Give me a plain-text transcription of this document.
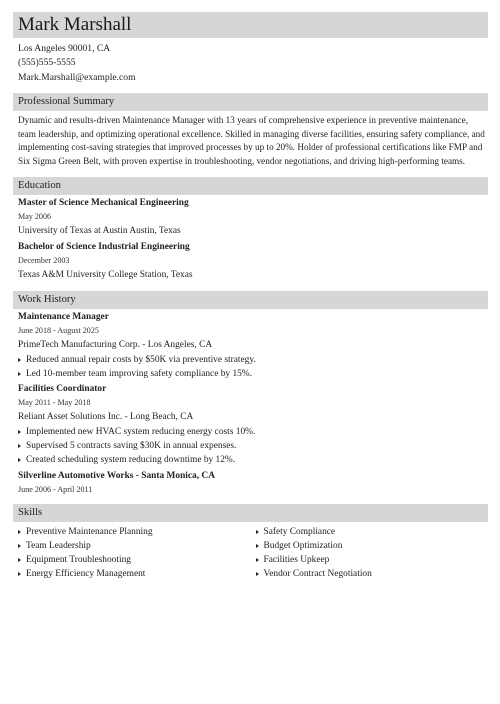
Mark Marshall
Los Angeles 90001, CA
(555)555-5555
Mark.Marshall@example.com
Professional Summary
Dynamic and results-driven Maintenance Manager with 13 years of comprehensive experience in preventive maintenance, team leadership, and optimizing operational excellence. Skilled in managing diverse facilities, ensuring safety compliance, and implementing cost-saving strategies that improved processes by up to 20%. Holder of professional certifications like FMP and Six Sigma Green Belt, with proven expertise in troubleshooting, vendor negotiations, and driving high-performing teams.
Education
Master of Science Mechanical Engineering
May 2006
University of Texas at Austin Austin, Texas
Bachelor of Science Industrial Engineering
December 2003
Texas A&M University College Station, Texas
Work History
Maintenance Manager
June 2018 - August 2025
PrimeTech Manufacturing Corp. - Los Angeles, CA
Reduced annual repair costs by $50K via preventive strategy.
Led 10-member team improving safety compliance by 15%.
Facilities Coordinator
May 2011 - May 2018
Reliant Asset Solutions Inc. - Long Beach, CA
Implemented new HVAC system reducing energy costs 10%.
Supervised 5 contracts saving $30K in annual expenses.
Created scheduling system reducing downtime by 12%.
Silverline Automotive Works - Santa Monica, CA
June 2006 - April 2011
Skills
Preventive Maintenance Planning
Team Leadership
Equipment Troubleshooting
Energy Efficiency Management
Safety Compliance
Budget Optimization
Facilities Upkeep
Vendor Contract Negotiation
